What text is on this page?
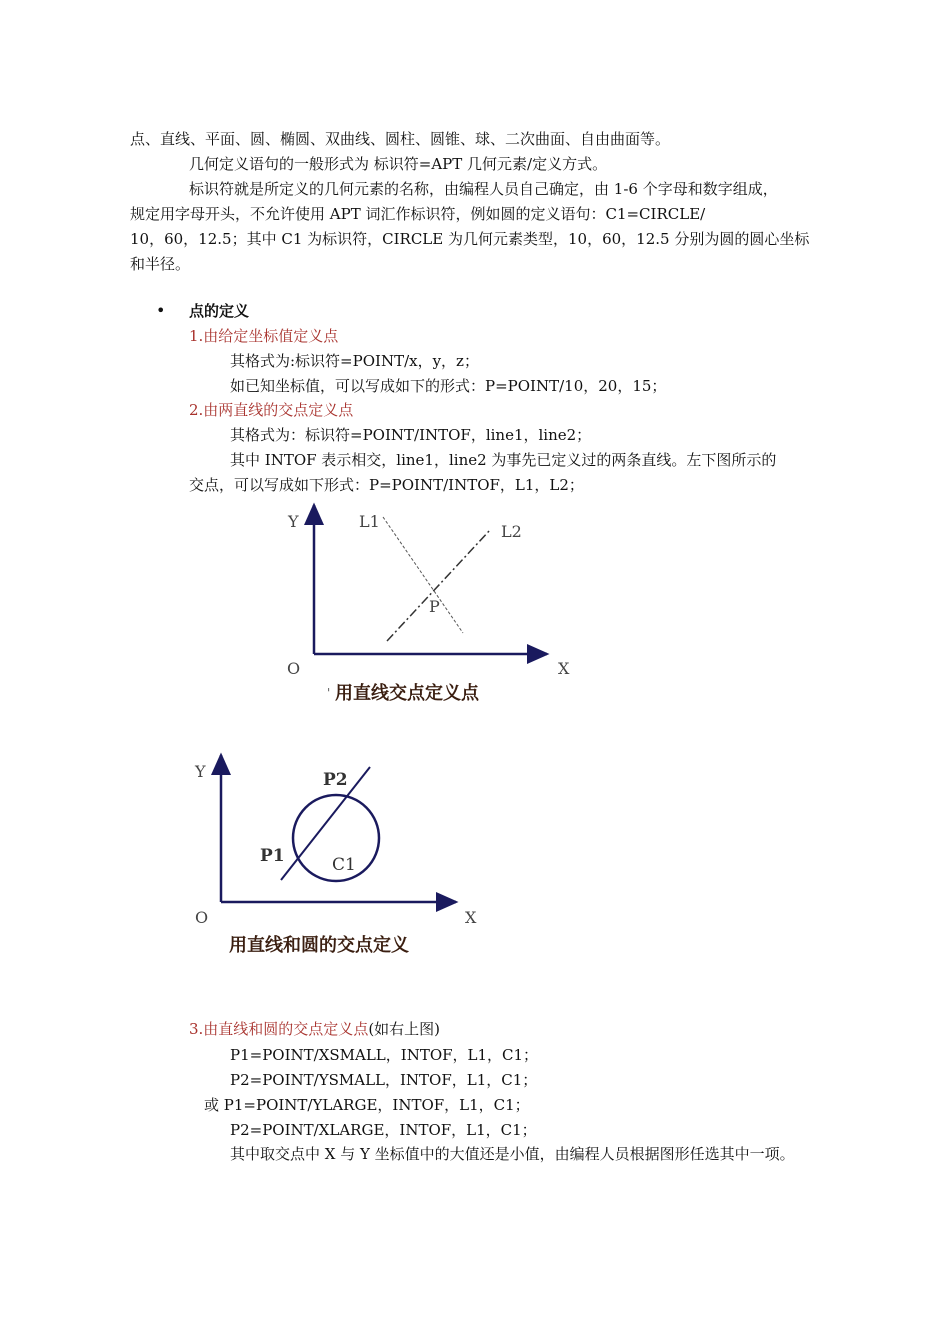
点、直线、平面、圆、椭圆、双曲线、圆柱、圆锥、球、二次曲面、自由曲面等。
几何定义语句的一般形式为 标识符=APT 几何元素/定义方式。
标识符就是所定义的几何元素的名称，由编程人员自己确定，由 1-6 个字母和数字组成，
规定用字母开头，不允许使用 APT 词汇作标识符，例如圆的定义语句：C1=CIRCLE/
10，60，12.5；其中 C1 为标识符，CIRCLE 为几何元素类型，10，60，12.5 分别为圆的圆心坐标
和半径。
• 点的定义
1.由给定坐标值定义点
其格式为:标识符=POINT/x，y，z；
如已知坐标值，可以写成如下的形式：P=POINT/10，20，15；
2.由两直线的交点定义点
其格式为：标识符=POINT/INTOF，line1，line2；
其中 INTOF 表示相交，line1，line2 为事先已定义过的两条直线。左下图所示的
交点，可以写成如下形式：P=POINT/INTOF，L1，L2；
Y	L1
L2
P
O	X
' 用直线交点定义点
Y	P2
P1	C1
O	X
用直线和圆的交点定义
3.由直线和圆的交点定义点(如右上图)
P1=POINT/XSMALL，INTOF，L1，C1；
P2=POINT/YSMALL，INTOF，L1，C1；
或 P1=POINT/YLARGE，INTOF，L1，C1；
P2=POINT/XLARGE，INTOF，L1，C1；
其中取交点中 X 与 Y 坐标值中的大值还是小值，由编程人员根据图形任选其中一项。
